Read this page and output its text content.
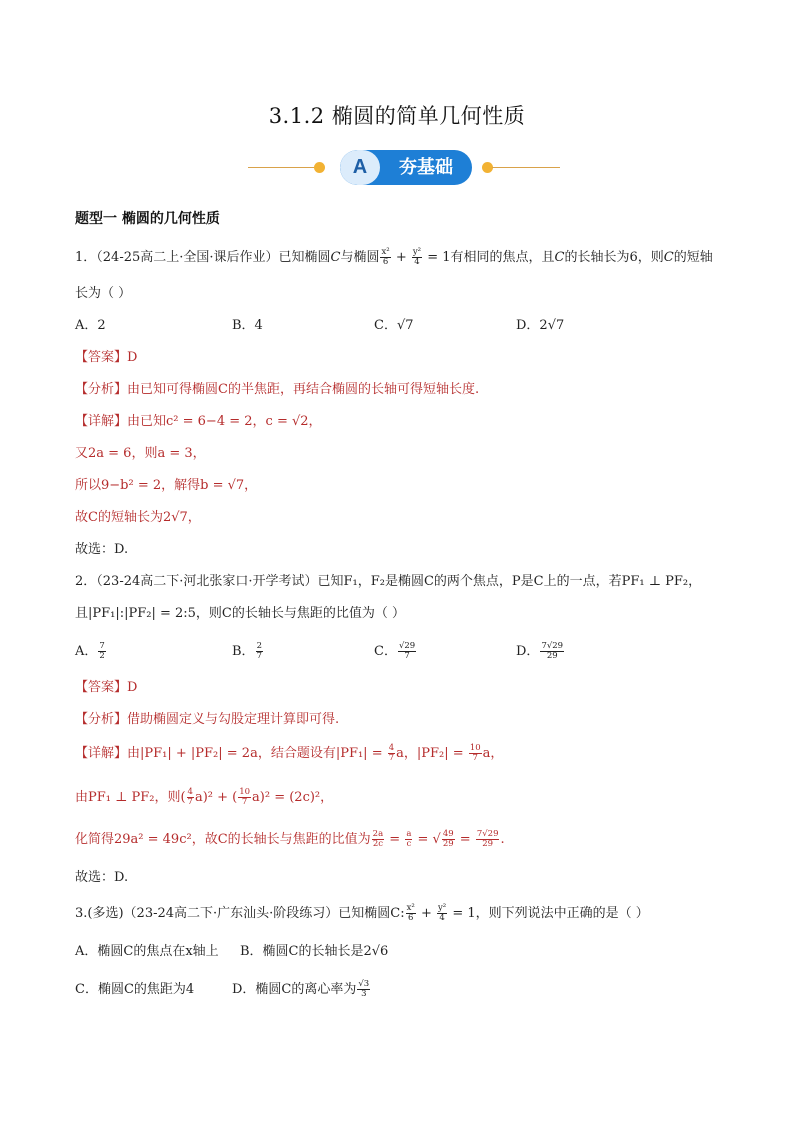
3.1.2 椭圆的简单几何性质
A	夯基础
题型一 椭圆的几何性质
1．（24-25高二上·全国·课后作业）已知椭圆C与椭圆 $\frac{\text{x²}}{6} + \frac{\text{y²}}{4} = 1$有相同的焦点，且C的长轴长为6，则C的短轴
长为（ ）
A．2	B．4	C．√7	D．2√7
【答案】D
【分析】由已知可得椭圆C的半焦距，再结合椭圆的长轴可得短轴长度.
【详解】由已知c² = 6−4 = 2，c = √2，
又2a = 6，则a = 3，
所以9−b² = 2，解得b = √7，
故C的短轴长为2√7，
故选：D.
2．（23-24高二下·河北张家口·开学考试）已知F₁，F₂是椭圆C的两个焦点，P是C上的一点，若PF₁ ⊥ PF₂，
且|PF₁|:|PF₂| = 2:5，则C的长轴长与焦距的比值为（ ）
A． $\frac{7}{2}$	B． $\frac{2}{7}$	C． $\frac{√29}{7}$	D． $\frac{7√29}{29}$
【答案】D
【分析】借助椭圆定义与勾股定理计算即可得.
【详解】由|PF₁| + |PF₂| = 2a，结合题设有$|PF_1| = \frac{4}{7}$ a，$|PF_2| = \frac{10}{7}$ a，
由PF₁ ⊥ PF₂，则( $\frac{4}{7} a)^2$ + ( $\frac{10}{7} a)^2 = (2c)^2$，
化简得29a² = 49c²，故C的长轴长与焦距的比值为 $\frac{2a}{2c} = \frac{a}{c}$ = √ $\frac{49}{29} = \frac{7√29}{29}$ .
故选：D.
3.(多选)（23-24高二下·广东汕头·阶段练习）已知椭圆C: $\frac{\text{x²}}{6} + \frac{\text{y²}}{4} = 1$，则下列说法中正确的是（ ）
A．椭圆C的焦点在x轴上 B．椭圆C的长轴长是2√6
C．椭圆C的焦距为4	D．椭圆C的离心率为 $\frac{√3}{3}$
